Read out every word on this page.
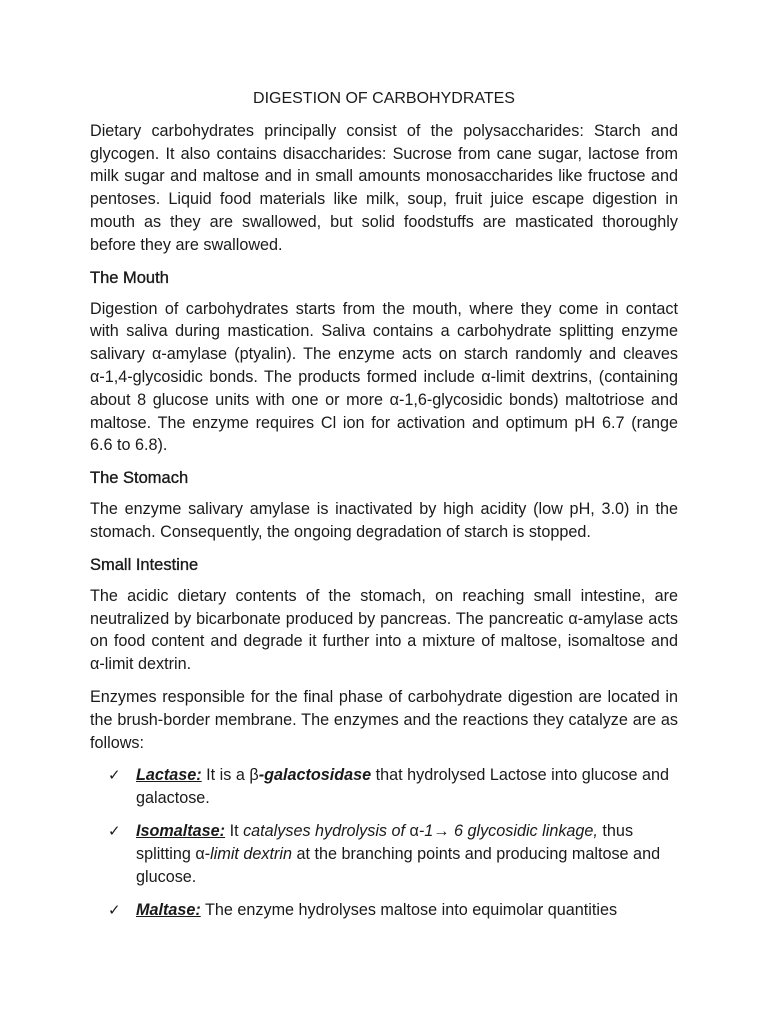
DIGESTION OF CARBOHYDRATES

Dietary carbohydrates principally consist of the polysaccharides: Starch and glycogen. It also contains disaccharides: Sucrose from cane sugar, lactose from milk sugar and maltose and in small amounts monosaccharides like fructose and pentoses. Liquid food materials like milk, soup, fruit juice escape digestion in mouth as they are swallowed, but solid foodstuffs are masticated thoroughly before they are swallowed.

The Mouth

Digestion of carbohydrates starts from the mouth, where they come in contact with saliva during mastication. Saliva contains a carbohydrate splitting enzyme salivary α-amylase (ptyalin). The enzyme acts on starch randomly and cleaves α-1,4-glycosidic bonds. The products formed include α-limit dextrins, (containing about 8 glucose units with one or more α-1,6-glycosidic bonds) maltotriose and maltose. The enzyme requires Cl ion for activation and optimum pH 6.7 (range 6.6 to 6.8).

The Stomach

The enzyme salivary amylase is inactivated by high acidity (low pH, 3.0) in the stomach. Consequently, the ongoing degradation of starch is stopped.

Small Intestine

The acidic dietary contents of the stomach, on reaching small intestine, are neutralized by bicarbonate produced by pancreas. The pancreatic α-amylase acts on food content and degrade it further into a mixture of maltose, isomaltose and α-limit dextrin.

Enzymes responsible for the final phase of carbohydrate digestion are located in the brush-border membrane. The enzymes and the reactions they catalyze are as follows:

✓ Lactase: It is a β-galactosidase that hydrolysed Lactose into glucose and galactose.
✓ Isomaltase: It catalyses hydrolysis of α-1→ 6 glycosidic linkage, thus splitting α-limit dextrin at the branching points and producing maltose and glucose.
✓ Maltase: The enzyme hydrolyses maltose into equimolar quantities
